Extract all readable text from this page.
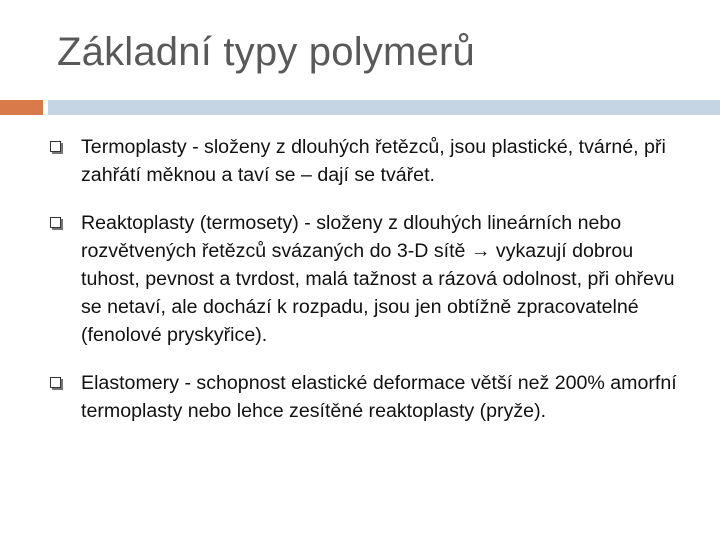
Základní typy polymerů
Termoplasty - složeny z dlouhých řetězců, jsou plastické, tvárné, při zahřátí měknou a taví se – dají se tvářet.
Reaktoplasty (termosety) - složeny z dlouhých lineárních nebo rozvětvených řetězců svázaných do 3-D sítě → vykazují dobrou tuhost, pevnost a tvrdost, malá tažnost a rázová odolnost, při ohřevu se netaví, ale dochází k rozpadu, jsou jen obtížně zpracovatelné (fenolové pryskyřice).
Elastomery - schopnost elastické deformace větší než 200% amorfní termoplasty nebo lehce zesítěné reaktoplasty (pryže).
